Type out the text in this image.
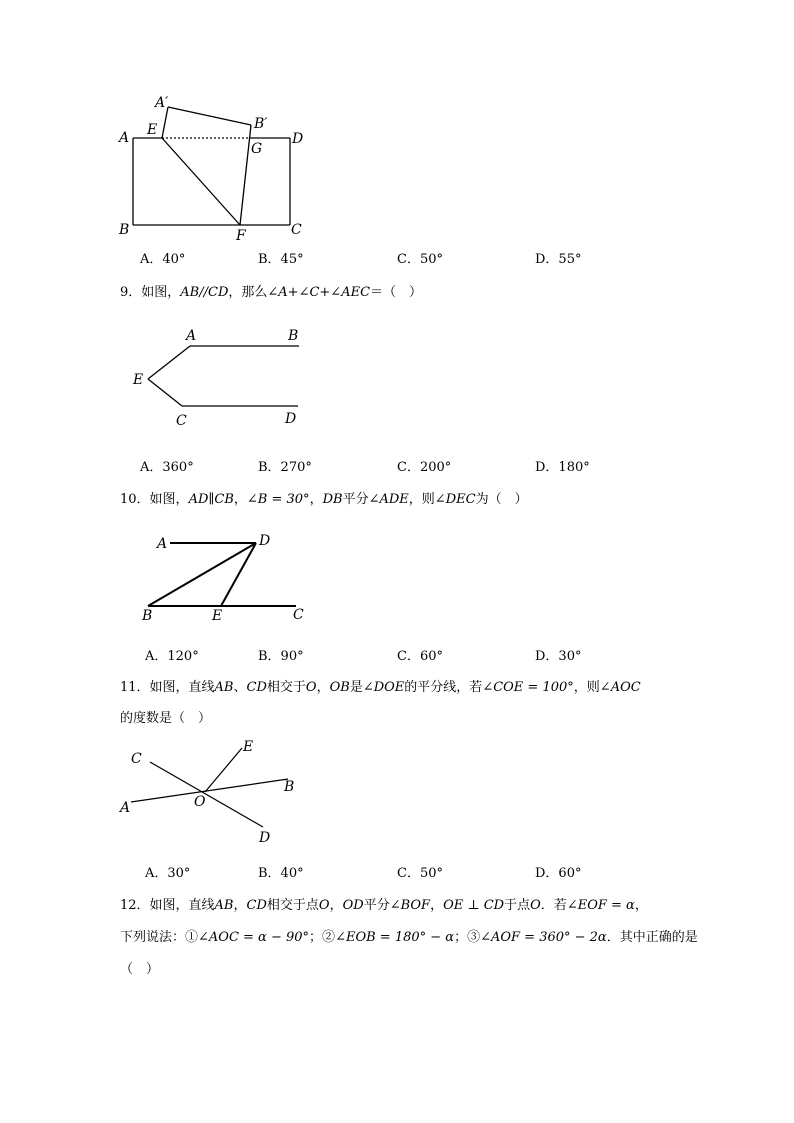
A′
A E	B′
G
D
B	F	C
A．40°	B．45°	C．50°	D．55°
9．如图，AB//CD，那么∠A+∠C+∠AEC＝（　）
A	B
E
C	D
A．360°	B．270°	C．200°	D．180°
10．如图，AD∥CB，∠B = 30°，DB平分∠ADE，则∠DEC为（　）
A	D
B	E	C
A．120°	B．90°	C．60°	D．30°
11．如图，直线AB、CD相交于O，OB是∠DOE的平分线，若∠COE = 100°，则∠AOC
的度数是（　）
C
E
A	O
B
D
A．30°	B．40°	C．50°	D．60°
12．如图，直线AB，CD相交于点O，OD平分∠BOF，OE ⊥ CD于点O．若∠EOF = α，
下列说法：①∠AOC = α − 90°；②∠EOB = 180° − α；③∠AOF = 360° − 2α．其中正确的是
（　）
